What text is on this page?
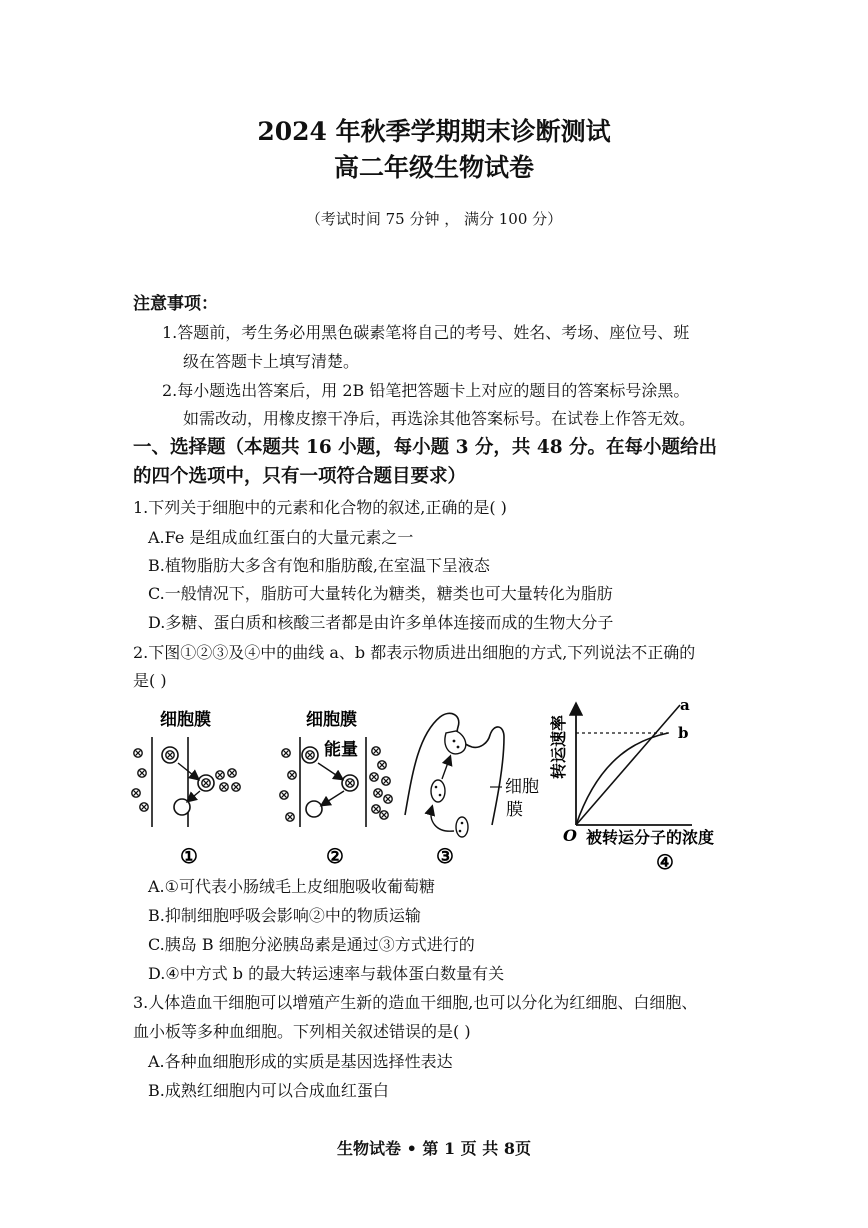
2024 年秋季学期期末诊断测试
高二年级生物试卷
（考试时间 75 分钟 ， 满分 100 分）
注意事项：
1.答题前，考生务必用黑色碳素笔将自己的考号、姓名、考场、座位号、班
级在答题卡上填写清楚。
2.每小题选出答案后，用 2B 铅笔把答题卡上对应的题目的答案标号涂黑。
如需改动，用橡皮擦干净后，再选涂其他答案标号。在试卷上作答无效。
一、选择题（本题共 16 小题，每小题 3 分，共 48 分。在每小题给出
的四个选项中，只有一项符合题目要求）
1.下列关于细胞中的元素和化合物的叙述,正确的是( )
A.Fe 是组成血红蛋白的大量元素之一
B.植物脂肪大多含有饱和脂肪酸,在室温下呈液态
C.一般情况下，脂肪可大量转化为糖类，糖类也可大量转化为脂肪
D.多糖、蛋白质和核酸三者都是由许多单体连接而成的生物大分子
2.下图①②③及④中的曲线 a、b 都表示物质进出细胞的方式,下列说法不正确的
是( )
细胞膜
①
细胞膜
能量
②
细胞
膜
③
转运速率
a
b
O 被转运分子的浓度
④
A.①可代表小肠绒毛上皮细胞吸收葡萄糖
B.抑制细胞呼吸会影响②中的物质运输
C.胰岛 B 细胞分泌胰岛素是通过③方式进行的
D.④中方式 b 的最大转运速率与载体蛋白数量有关
3.人体造血干细胞可以增殖产生新的造血干细胞,也可以分化为红细胞、白细胞、
血小板等多种血细胞。下列相关叙述错误的是( )
A.各种血细胞形成的实质是基因选择性表达
B.成熟红细胞内可以合成血红蛋白
生物试卷 • 第 1 页 共 8页
